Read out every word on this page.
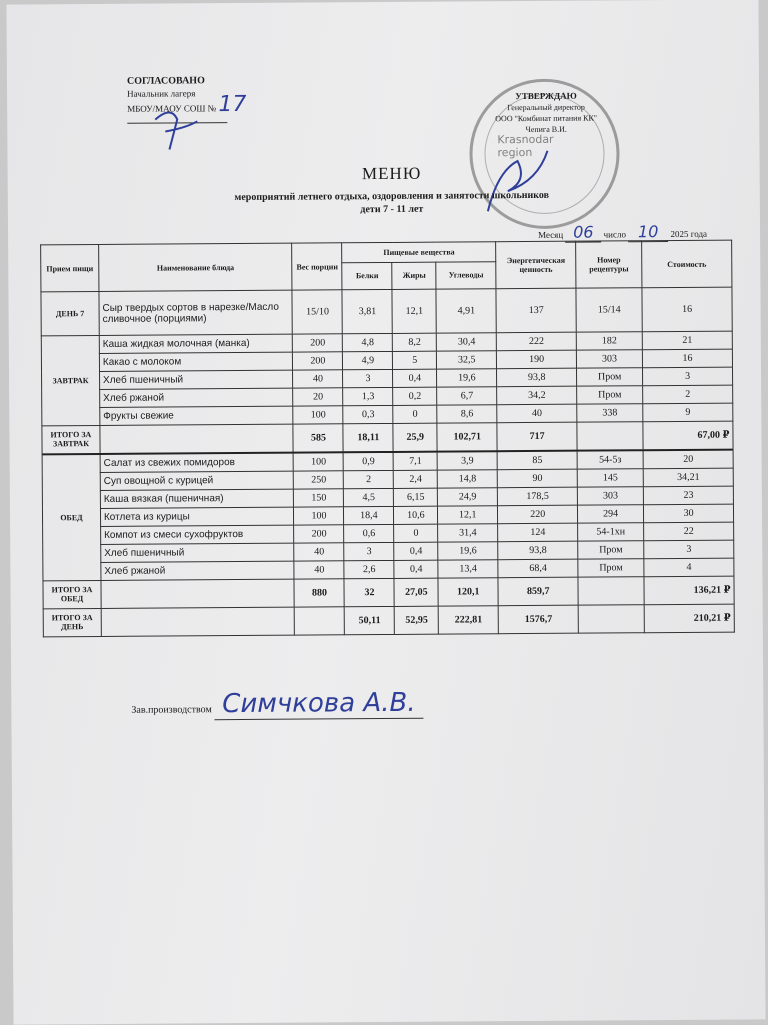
СОГЛАСОВАНО
Начальник лагеря
МБОУ/МАОУ СОШ № 17
Krasnodar
region
УТВЕРЖДАЮ
Генеральный директор
ООО "Комбинат питания КК"
Чепига В.И.
МЕНЮ
мероприятий летнего отдыха, оздоровления и занятости школьников
дети 7 - 11 лет
Месяц 06 число 10 2025 года
Прием пищи	Наименование блюда	Вес порции	Пищевые вещества			Энергетическая ценность	Номер рецептуры	Стоимость
			Белки	Жиры	Углеводы			
ДЕНЬ 7	Сыр твердых сортов в нарезке/Масло сливочное (порциями)	15/10	3,81	12,1	4,91	137	15/14	16
ЗАВТРАК	Каша жидкая молочная (манка)	200	4,8	8,2	30,4	222	182	21
	Какао с молоком	200	4,9	5	32,5	190	303	16
	Хлеб пшеничный	40	3	0,4	19,6	93,8	Пром	3
	Хлеб ржаной	20	1,3	0,2	6,7	34,2	Пром	2
	Фрукты свежие	100	0,3	0	8,6	40	338	9
ИТОГО ЗА ЗАВТРАК		585	18,11	25,9	102,71	717		67,00 ₽
ОБЕД	Салат из свежих помидоров	100	0,9	7,1	3,9	85	54-5з	20
	Суп овощной с курицей	250	2	2,4	14,8	90	145	34,21
	Каша вязкая (пшеничная)	150	4,5	6,15	24,9	178,5	303	23
	Котлета из курицы	100	18,4	10,6	12,1	220	294	30
	Компот из смеси сухофруктов	200	0,6	0	31,4	124	54-1хн	22
	Хлеб пшеничный	40	3	0,4	19,6	93,8	Пром	3
	Хлеб ржаной	40	2,6	0,4	13,4	68,4	Пром	4
ИТОГО ЗА ОБЕД		880	32	27,05	120,1	859,7		136,21 ₽
ИТОГО ЗА ДЕНЬ			50,11	52,95	222,81	1576,7		210,21 ₽
Зав.производством Симчкова А.В.
